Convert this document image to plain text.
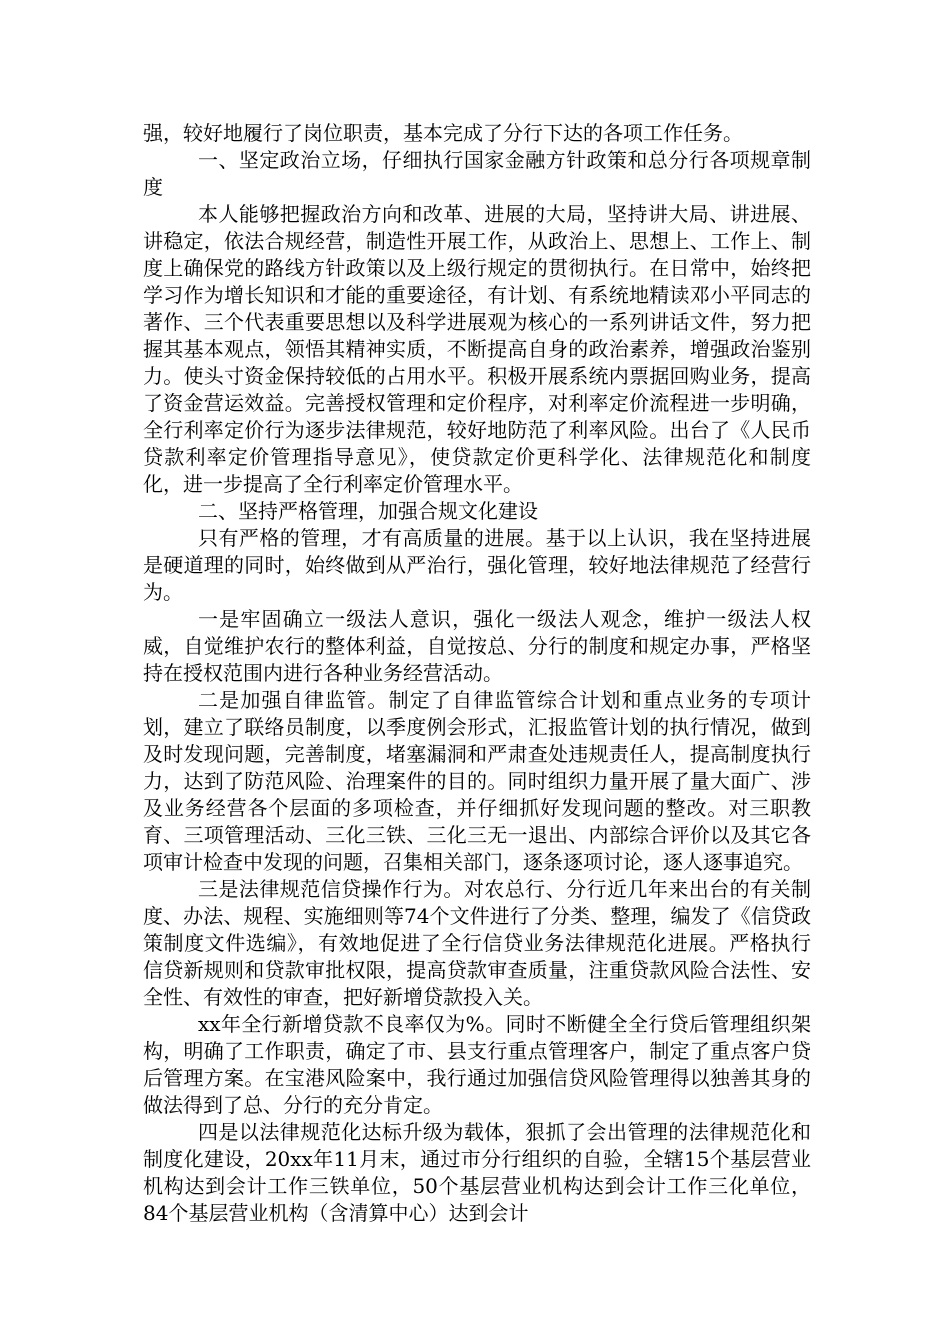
强，较好地履行了岗位职责，基本完成了分行下达的各项工作任务。

一、坚定政治立场，仔细执行国家金融方针政策和总分行各项规章制度

本人能够把握政治方向和改革、进展的大局，坚持讲大局、讲进展、讲稳定，依法合规经营，制造性开展工作，从政治上、思想上、工作上、制度上确保党的路线方针政策以及上级行规定的贯彻执行。在日常中，始终把学习作为增长知识和才能的重要途径，有计划、有系统地精读邓小平同志的著作、三个代表重要思想以及科学进展观为核心的一系列讲话文件，努力把握其基本观点，领悟其精神实质，不断提高自身的政治素养，增强政治鉴别力。使头寸资金保持较低的占用水平。积极开展系统内票据回购业务，提高了资金营运效益。完善授权管理和定价程序，对利率定价流程进一步明确，全行利率定价行为逐步法律规范，较好地防范了利率风险。出台了《人民币贷款利率定价管理指导意见》，使贷款定价更科学化、法律规范化和制度化，进一步提高了全行利率定价管理水平。

二、坚持严格管理，加强合规文化建设

只有严格的管理，才有高质量的进展。基于以上认识，我在坚持进展是硬道理的同时，始终做到从严治行，强化管理，较好地法律规范了经营行为。

一是牢固确立一级法人意识，强化一级法人观念，维护一级法人权威，自觉维护农行的整体利益，自觉按总、分行的制度和规定办事，严格坚持在授权范围内进行各种业务经营活动。

二是加强自律监管。制定了自律监管综合计划和重点业务的专项计划，建立了联络员制度，以季度例会形式，汇报监管计划的执行情况，做到及时发现问题，完善制度，堵塞漏洞和严肃查处违规责任人，提高制度执行力，达到了防范风险、治理案件的目的。同时组织力量开展了量大面广、涉及业务经营各个层面的多项检查，并仔细抓好发现问题的整改。对三职教育、三项管理活动、三化三铁、三化三无一退出、内部综合评价以及其它各项审计检查中发现的问题，召集相关部门，逐条逐项讨论，逐人逐事追究。

三是法律规范信贷操作行为。对农总行、分行近几年来出台的有关制度、办法、规程、实施细则等74个文件进行了分类、整理，编发了《信贷政策制度文件选编》，有效地促进了全行信贷业务法律规范化进展。严格执行信贷新规则和贷款审批权限，提高贷款审查质量，注重贷款风险合法性、安全性、有效性的审查，把好新增贷款投入关。

xx年全行新增贷款不良率仅为%。同时不断健全全行贷后管理组织架构，明确了工作职责，确定了市、县支行重点管理客户，制定了重点客户贷后管理方案。在宝港风险案中，我行通过加强信贷风险管理得以独善其身的做法得到了总、分行的充分肯定。

四是以法律规范化达标升级为载体，狠抓了会出管理的法律规范化和制度化建设，20xx年11月末，通过市分行组织的自验，全辖15个基层营业机构达到会计工作三铁单位，50个基层营业机构达到会计工作三化单位，84个基层营业机构（含清算中心）达到会计
